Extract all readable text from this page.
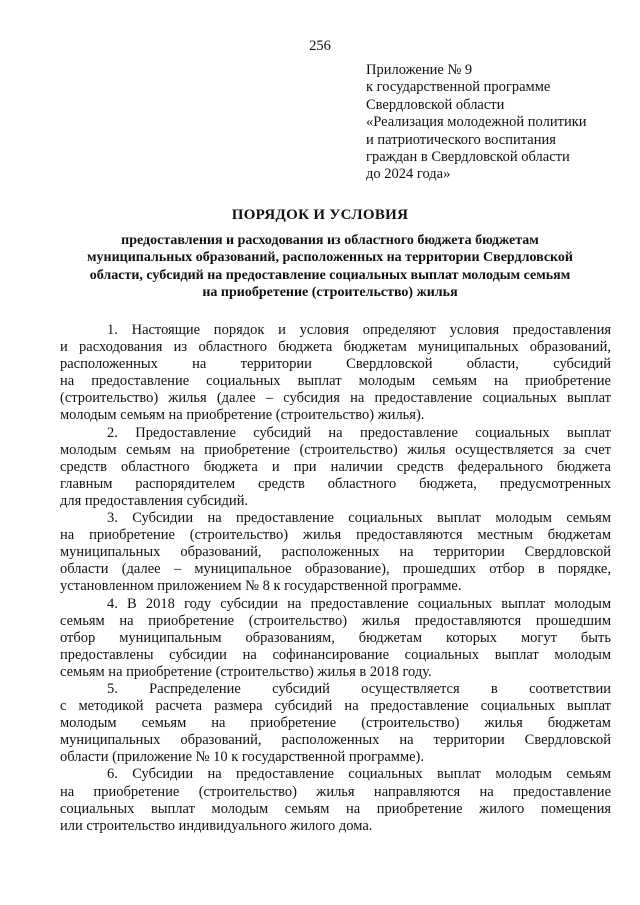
256
Приложение № 9
к государственной программе
Свердловской области
«Реализация молодежной политики
и патриотического воспитания
граждан в Свердловской области
до 2024 года»
ПОРЯДОК И УСЛОВИЯ
предоставления и расходования из областного бюджета бюджетам
муниципальных образований, расположенных на территории Свердловской
области, субсидий на предоставление социальных выплат молодым семьям
на приобретение (строительство) жилья
1. Настоящие порядок и условия определяют условия предоставления
и расходования из областного бюджета бюджетам муниципальных образований,
расположенных на территории Свердловской области, субсидий
на предоставление социальных выплат молодым семьям на приобретение
(строительство) жилья (далее – субсидия на предоставление социальных выплат
молодым семьям на приобретение (строительство) жилья).
2. Предоставление субсидий на предоставление социальных выплат
молодым семьям на приобретение (строительство) жилья осуществляется за счет
средств областного бюджета и при наличии средств федерального бюджета
главным распорядителем средств областного бюджета, предусмотренных
для предоставления субсидий.
3. Субсидии на предоставление социальных выплат молодым семьям
на приобретение (строительство) жилья предоставляются местным бюджетам
муниципальных образований, расположенных на территории Свердловской
области (далее – муниципальное образование), прошедших отбор в порядке,
установленном приложением № 8 к государственной программе.
4. В 2018 году субсидии на предоставление социальных выплат молодым
семьям на приобретение (строительство) жилья предоставляются прошедшим
отбор муниципальным образованиям, бюджетам которых могут быть
предоставлены субсидии на софинансирование социальных выплат молодым
семьям на приобретение (строительство) жилья в 2018 году.
5. Распределение субсидий осуществляется в соответствии
с методикой расчета размера субсидий на предоставление социальных выплат
молодым семьям на приобретение (строительство) жилья бюджетам
муниципальных образований, расположенных на территории Свердловской
области (приложение № 10 к государственной программе).
6. Субсидии на предоставление социальных выплат молодым семьям
на приобретение (строительство) жилья направляются на предоставление
социальных выплат молодым семьям на приобретение жилого помещения
или строительство индивидуального жилого дома.
